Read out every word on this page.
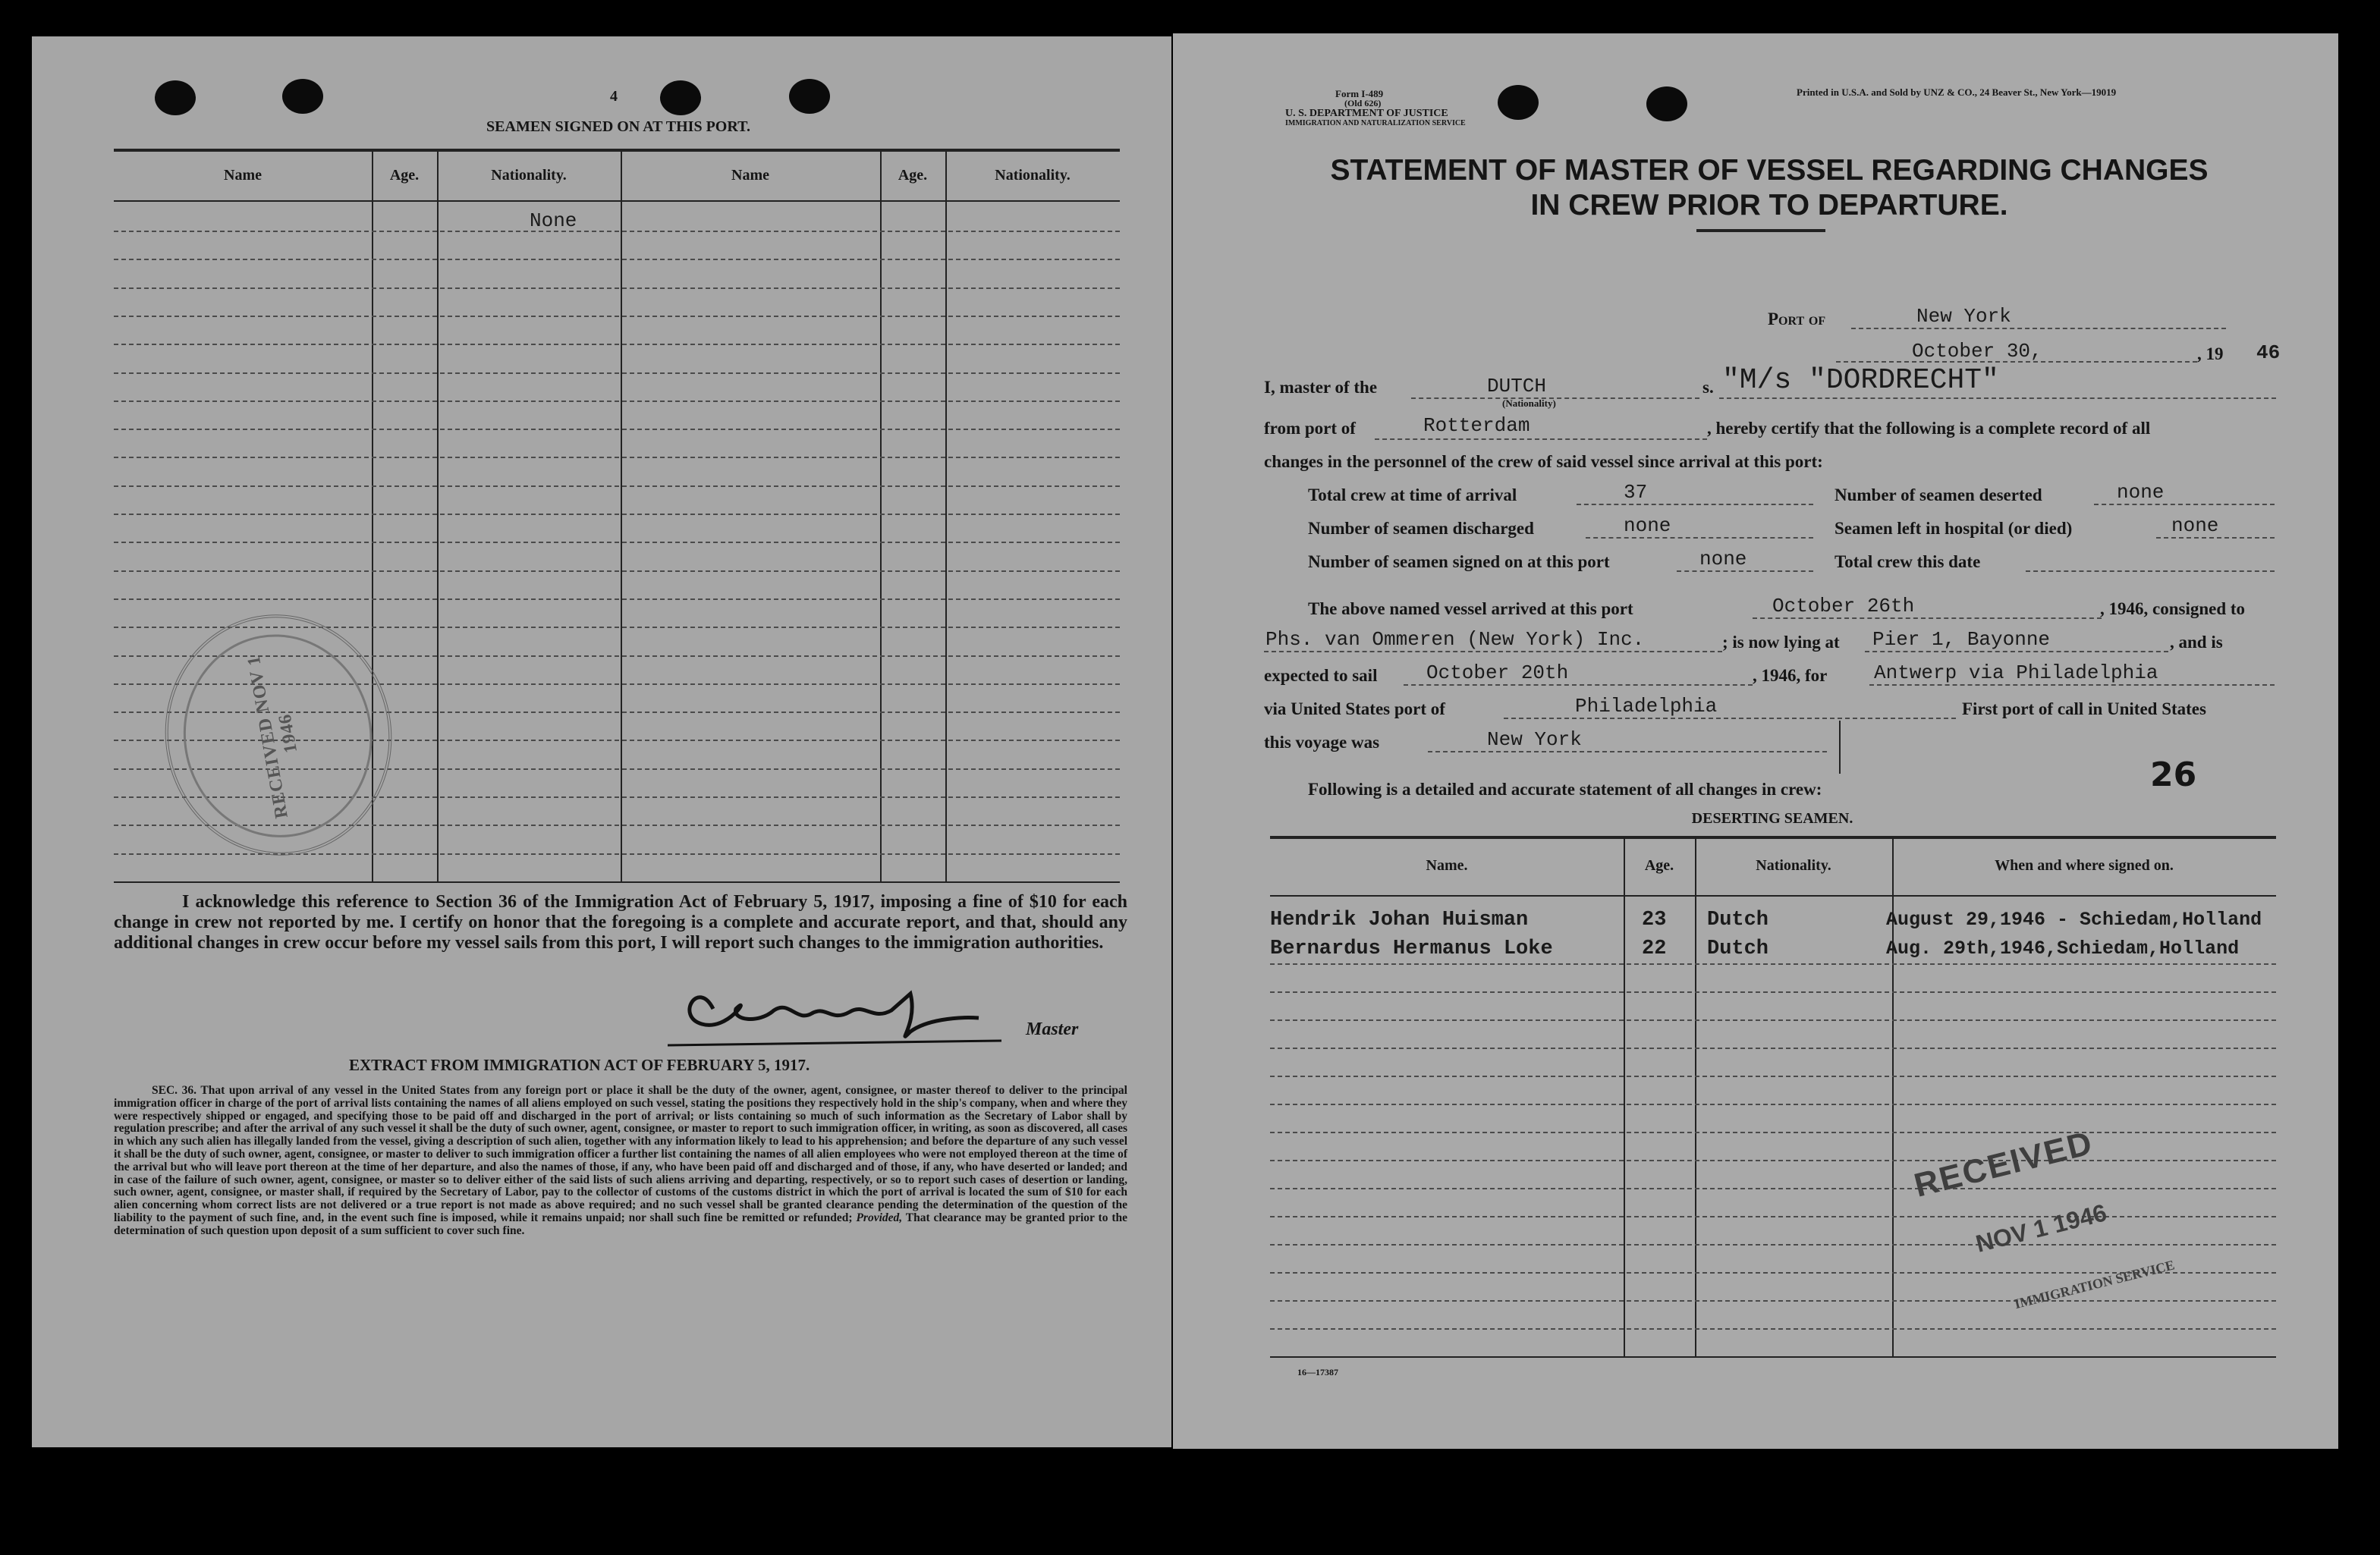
4
SEAMEN SIGNED ON AT THIS PORT.
Name	Age.	Nationality.	Name	Age.	Nationality.
None
RECEIVED NOV 1 1946
I acknowledge this reference to Section 36 of the Immigration Act of February 5, 1917, imposing a fine of $10 for each change in crew not reported by me. I certify on honor that the foregoing is a complete and accurate report, and that, should any additional changes in crew occur before my vessel sails from this port, I will report such changes to the immigration authorities.
Master
EXTRACT FROM IMMIGRATION ACT OF FEBRUARY 5, 1917.
SEC. 36. That upon arrival of any vessel in the United States from any foreign port or place it shall be the duty of the owner, agent, consignee, or master thereof to deliver to the principal immigration officer in charge of the port of arrival lists containing the names of all aliens employed on such vessel, stating the positions they respectively hold in the ship's company, when and where they were respectively shipped or engaged, and specifying those to be paid off and discharged in the port of arrival; or lists containing so much of such information as the Secretary of Labor shall by regulation prescribe; and after the arrival of any such vessel it shall be the duty of such owner, agent, consignee, or master to report to such immigration officer, in writing, as soon as discovered, all cases in which any such alien has illegally landed from the vessel, giving a description of such alien, together with any information likely to lead to his apprehension; and before the departure of any such vessel it shall be the duty of such owner, agent, consignee, or master to deliver to such immigration officer a further list containing the names of all alien employees who were not employed thereon at the time of the arrival but who will leave port thereon at the time of her departure, and also the names of those, if any, who have been paid off and discharged and of those, if any, who have deserted or landed; and in case of the failure of such owner, agent, consignee, or master so to deliver either of the said lists of such aliens arriving and departing, respectively, or so to report such cases of desertion or landing, such owner, agent, consignee, or master shall, if required by the Secretary of Labor, pay to the collector of customs of the customs district in which the port of arrival is located the sum of $10 for each alien concerning whom correct lists are not delivered or a true report is not made as above required; and no such vessel shall be granted clearance pending the determination of the question of the liability to the payment of such fine, and, in the event such fine is imposed, while it remains unpaid; nor shall such fine be remitted or refunded; Provided, That clearance may be granted prior to the determination of such question upon deposit of a sum sufficient to cover such fine.
Form I-489
(Old 626)
U. S. DEPARTMENT OF JUSTICE
IMMIGRATION AND NATURALIZATION SERVICE
Printed in U.S.A. and Sold by UNZ & CO., 24 Beaver St., New York—19019
STATEMENT OF MASTER OF VESSEL REGARDING CHANGES
IN CREW PRIOR TO DEPARTURE.
Port of	New York
October 30,	, 19 46
I, master of the	DUTCH
(Nationality)
s. "M/s "DORDRECHT"
from port of	Rotterdam	, hereby certify that the following is a complete record of all
changes in the personnel of the crew of said vessel since arrival at this port:
Total crew at time of arrival	37	Number of seamen deserted	none
Number of seamen discharged	none	Seamen left in hospital (or died)	none
Number of seamen signed on at this port	none	Total crew this date
The above named vessel arrived at this port	October 26th	, 1946, consigned to
Phs. van Ommeren (New York) Inc.	; is now lying at Pier 1, Bayonne	, and is
expected to sail October 20th	, 1946, for Antwerp via Philadelphia
via United States port of	Philadelphia	First port of call in United States
this voyage was	New York
26
Following is a detailed and accurate statement of all changes in crew:
DESERTING SEAMEN.
Name.	Age.	Nationality.	When and where signed on.
Hendrik Johan Huisman	23 Dutch	August 29,1946 - Schiedam,Holland
Bernardus Hermanus Loke	22 Dutch	Aug. 29th,1946,Schiedam,Holland
RECEIVED
NOV 1 1946
IMMIGRATION SERVICE
16—17387
